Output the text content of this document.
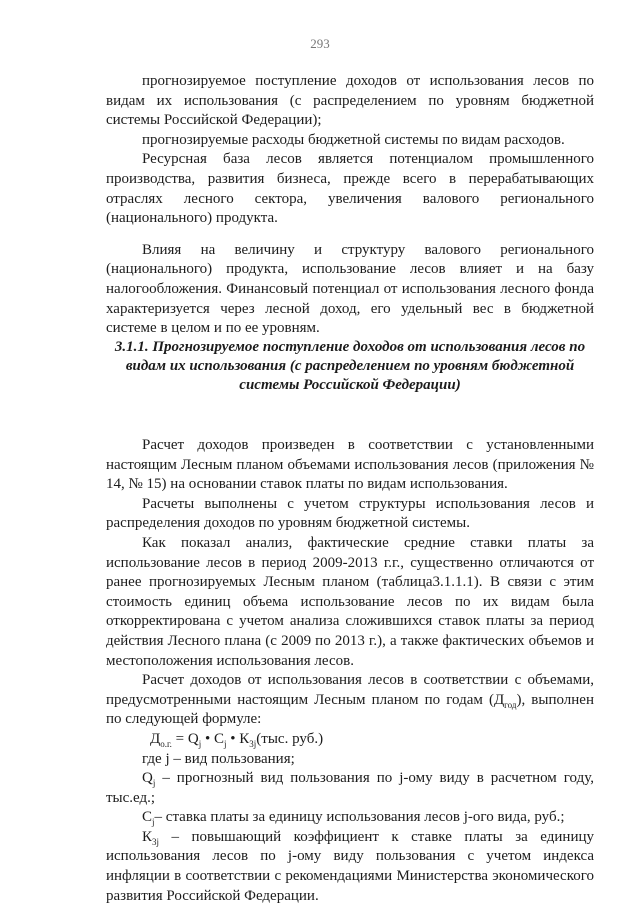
293

прогнозируемое поступление доходов от использования лесов по видам их использования (с распределением по уровням бюджетной системы Российской Федерации);

прогнозируемые расходы бюджетной системы по видам расходов.

Ресурсная база лесов является потенциалом промышленного производства, развития бизнеса, прежде всего в перерабатывающих отраслях лесного сектора, увеличения валового регионального (национального) продукта.

Влияя на величину и структуру валового регионального (национального) продукта, использование лесов влияет и на базу налогообложения. Финансовый потенциал от использования лесного фонда характеризуется через лесной доход, его удельный вес в бюджетной системе в целом и по ее уровням.

3.1.1. Прогнозируемое поступление доходов от использования лесов по видам их использования (с распределением по уровням бюджетной системы Российской Федерации)

Расчет доходов произведен в соответствии с установленными настоящим Лесным планом объемами использования лесов (приложения № 14, № 15) на основании ставок платы по видам использования.

Расчеты выполнены с учетом структуры использования лесов и распределения доходов по уровням бюджетной системы.

Как показал анализ, фактические средние ставки платы за использование лесов в период 2009-2013 г.г., существенно отличаются от ранее прогнозируемых Лесным планом (таблица3.1.1.1). В связи с этим стоимость единиц объема использование лесов по их видам была откорректирована с учетом анализа сложившихся ставок платы за период действия Лесного плана (с 2009 по 2013 г.), а также фактических объемов и местоположения использования лесов.

Расчет доходов от использования лесов в соответствии с объемами, предусмотренными настоящим Лесным планом по годам $(Д_{год})$, выполнен по следующей формуле:

$Д_{о.г.} = Q_j$ • $С_j$ • $К_{3j}(тыс$. руб.)

где j – вид пользования;

$Q_j$ – прогнозный вид пользования по j-ому виду в расчетном году, тыс.ед.;

$С_j-$ ставка платы за единицу использования лесов j-ого вида, руб.;

$К_{3j}$ – повышающий коэффициент к ставке платы за единицу использования лесов по j-ому виду пользования с учетом индекса инфляции в соответствии с рекомендациями Министерства экономического развития Российской Федерации.
